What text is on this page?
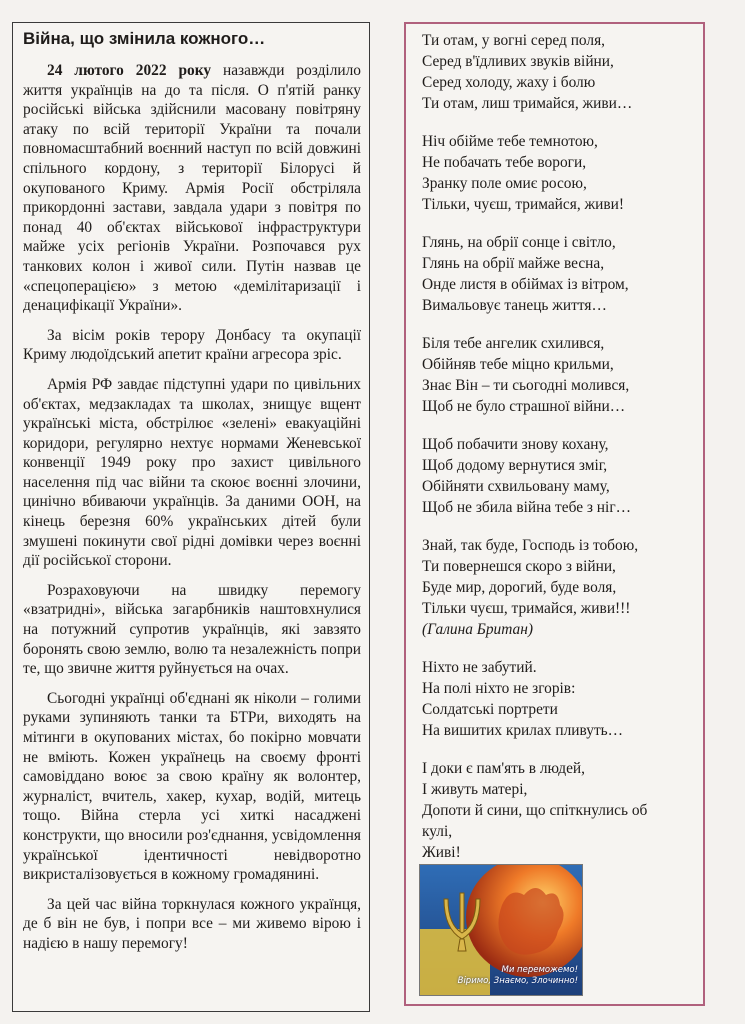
Війна, що змінила кожного…

24 лютого 2022 року назавжди розділило життя українців на до та після. О п'ятій ранку російські війська здійснили масовану повітряну атаку по всій території України та почали повномасштабний воєнний наступ по всій довжині спільного кордону, з території Білорусі й окупованого Криму. Армія Росії обстріляла прикордонні застави, завдала удари з повітря по понад 40 об'єктах військової інфраструктури майже усіх регіонів України. Розпочався рух танкових колон і живої сили. Путін назвав це «спецоперацією» з метою «демілітаризації і денацифікації України».

За вісім років терору Донбасу та окупації Криму людоїдський апетит країни агресора зріс.

Армія РФ завдає підступні удари по цивільних об'єктах, медзакладах та школах, знищує вщент українські міста, обстрілює «зелені» евакуаційні коридори, регулярно нехтує нормами Женевської конвенції 1949 року про захист цивільного населення під час війни та скоює воєнні злочини, цинічно вбиваючи українців. За даними ООН, на кінець березня 60% українських дітей були змушені покинути свої рідні домівки через воєнні дії російської сторони.

Розраховуючи на швидку перемогу «взатридні», війська загарбників наштовхнулися на потужний супротив українців, які завзято боронять свою землю, волю та незалежність попри те, що звичне життя руйнується на очах.

Сьогодні українці об'єднані як ніколи – голими руками зупиняють танки та БТРи, виходять на мітинги в окупованих містах, бо покірно мовчати не вміють. Кожен українець на своєму фронті самовіддано воює за свою країну як волонтер, журналіст, вчитель, хакер, кухар, водій, митець тощо. Війна стерла усі хиткі насаджені конструкти, що вносили роз'єднання, усвідомлення української ідентичності невідворотно викристалізовується в кожному громадянині.

За цей час війна торкнулася кожного українця, де б він не був, і попри все – ми живемо вірою і надією в нашу перемогу!

Ти отам, у вогні серед поля,
Серед в'їдливих звуків війни,
Серед холоду, жаху і болю
Ти отам, лиш тримайся, живи…
Ніч обійме тебе темнотою,
Не побачать тебе вороги,
Зранку поле омиє росою,
Тільки, чуєш, тримайся, живи!
Глянь, на обрії сонце і світло,
Глянь на обрії майже весна,
Онде листя в обіймах із вітром,
Вимальовує танець життя…
Біля тебе ангелик схилився,
Обійняв тебе міцно крильми,
Знає Він – ти сьогодні молився,
Щоб не було страшної війни…
Щоб побачити знову кохану,
Щоб додому вернутися зміг,
Обійняти схвильовану маму,
Щоб не збила війна тебе з ніг…
Знай, так буде, Господь із тобою,
Ти повернешся скоро з війни,
Буде мир, дорогий, буде воля,
Тільки чуєш, тримайся, живи!!!
(Галина Британ)
Ніхто не забутий.
На полі ніхто не згорів:
Солдатські портрети
На вишитих крилах пливуть…
І доки є пам'ять в людей,
І живуть матері,
Допоти й сини, що спіткнулись об
кулі,
Живі!
Ми переможемо!
Віримо, Знаємо, Злочинно!
